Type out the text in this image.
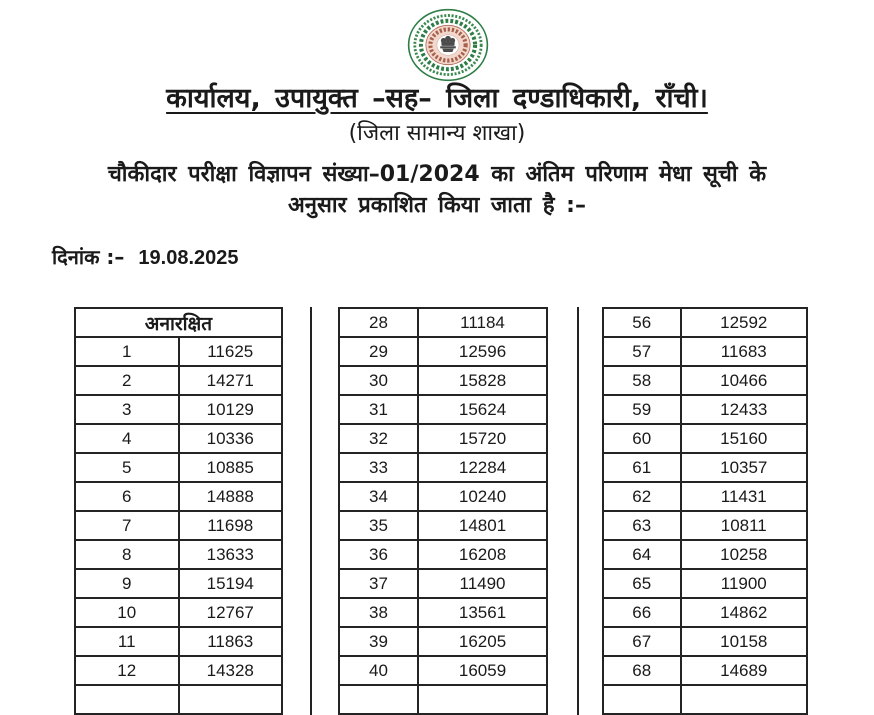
कार्यालय, उपायुक्त –सह– जिला दण्डाधिकारी, राँची।
(जिला सामान्य शाखा)
चौकीदार परीक्षा विज्ञापन संख्या–01/2024 का अंतिम परिणाम मेधा सूची के
अनुसार प्रकाशित किया जाता है :–
दिनांक :– 19.08.2025
अनारक्षित	
1	11625
2	14271
3	10129
4	10336
5	10885
6	14888
7	11698
8	13633
9	15194
10	12767
11	11863
12	14328

28	11184
29	12596
30	15828
31	15624
32	15720
33	12284
34	10240
35	14801
36	16208
37	11490
38	13561
39	16205
40	16059

56	12592
57	11683
58	10466
59	12433
60	15160
61	10357
62	11431
63	10811
64	10258
65	11900
66	14862
67	10158
68	14689
